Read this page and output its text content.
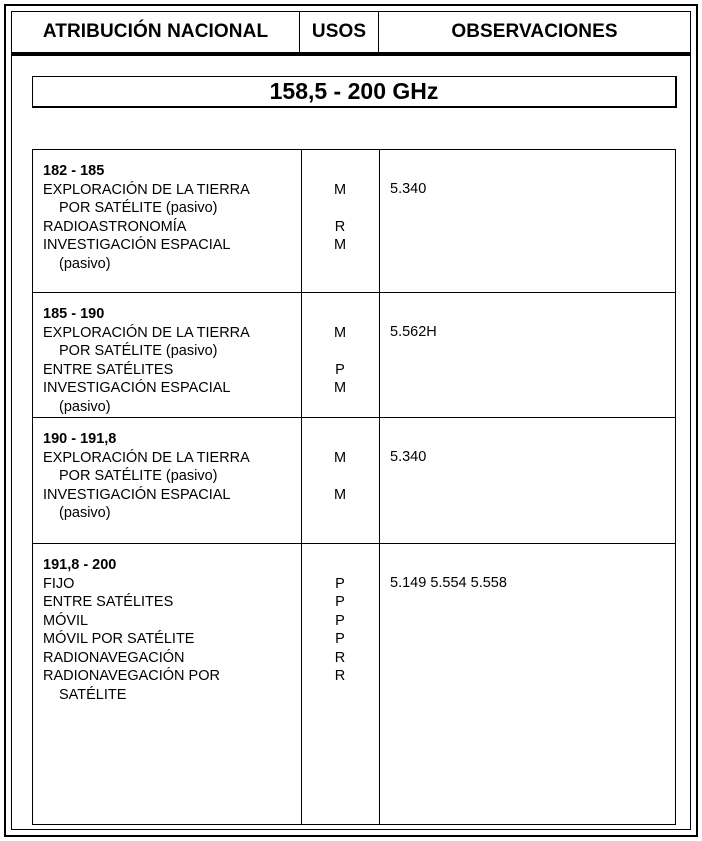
ATRIBUCIÓN NACIONAL	USOS	OBSERVACIONES
158,5 - 200 GHz
182 - 185
EXPLORACIÓN DE LA TIERRA
POR SATÉLITE (pasivo)
RADIOASTRONOMÍA
INVESTIGACIÓN ESPACIAL
(pasivo)
M
R
M
5.340
185 - 190
EXPLORACIÓN DE LA TIERRA
POR SATÉLITE (pasivo)
ENTRE SATÉLITES
INVESTIGACIÓN ESPACIAL
(pasivo)
M
P
M
5.562H
190 - 191,8
EXPLORACIÓN DE LA TIERRA
POR SATÉLITE (pasivo)
INVESTIGACIÓN ESPACIAL
(pasivo)
M
M
5.340
191,8 - 200
FIJO
ENTRE SATÉLITES
MÓVIL
MÓVIL POR SATÉLITE
RADIONAVEGACIÓN
RADIONAVEGACIÓN POR
SATÉLITE
P
P
P
P
R
R
5.149 5.554 5.558
